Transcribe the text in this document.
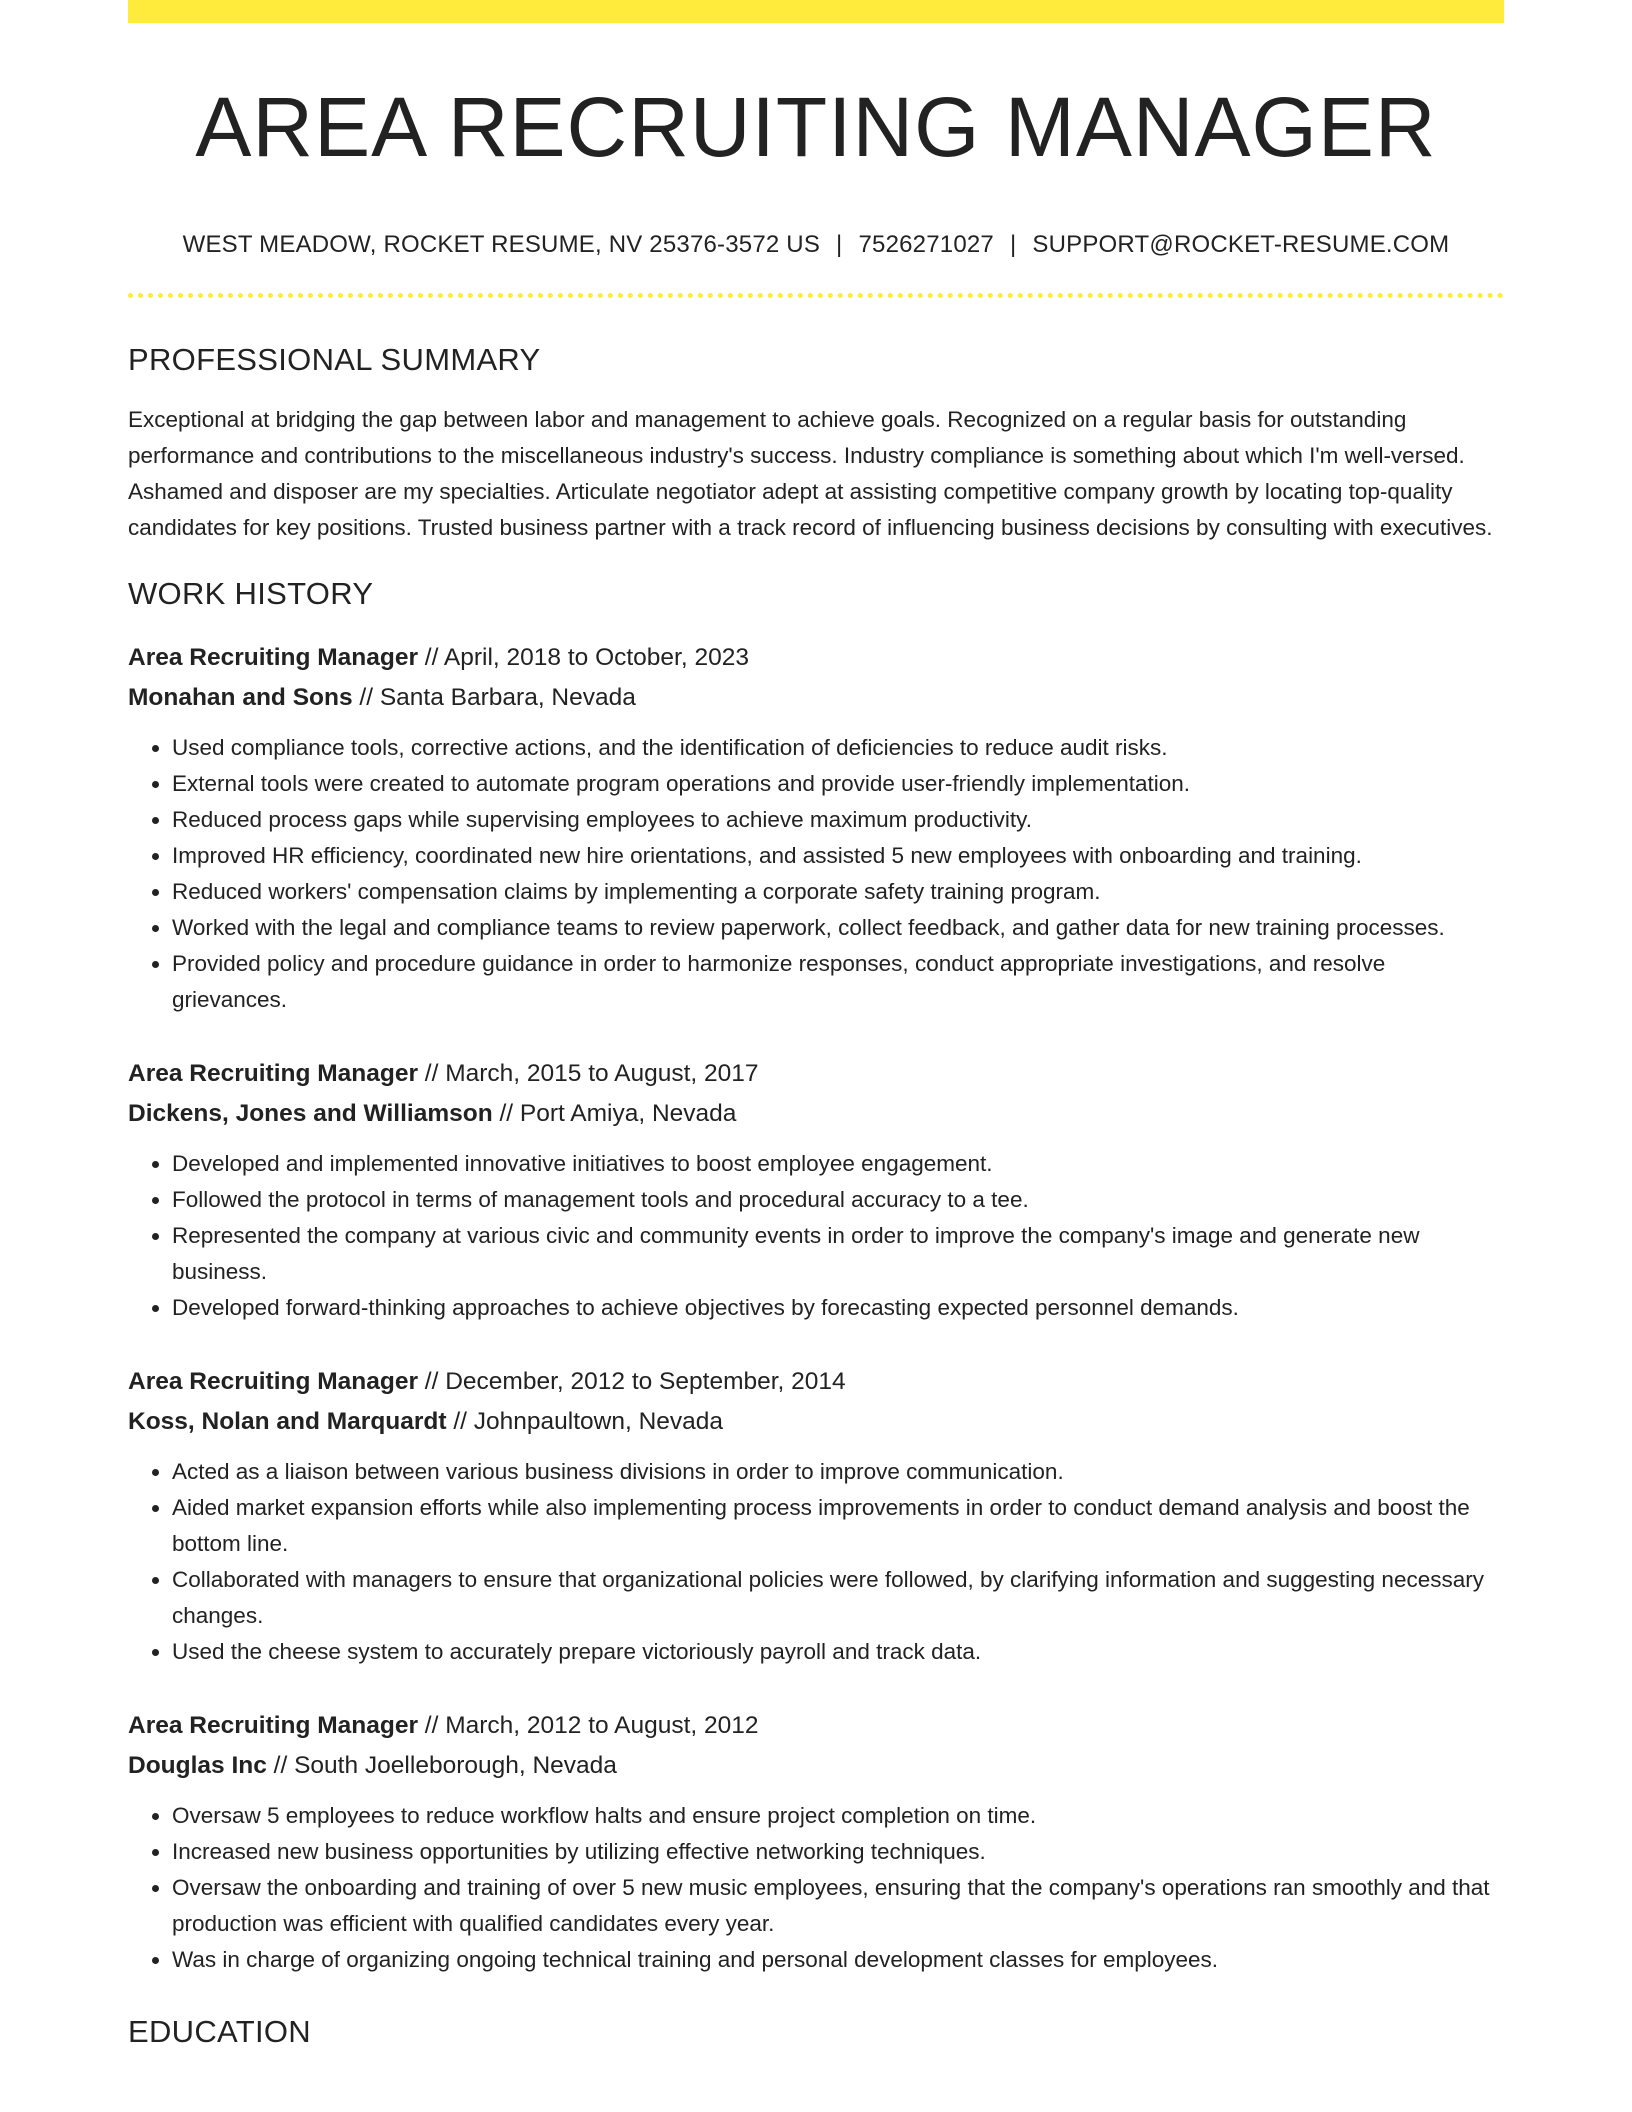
AREA RECRUITING MANAGER
WEST MEADOW, ROCKET RESUME, NV 25376-3572 US | 7526271027 | SUPPORT@ROCKET-RESUME.COM
PROFESSIONAL SUMMARY

Exceptional at bridging the gap between labor and management to achieve goals. Recognized on a regular basis for outstanding performance and contributions to the miscellaneous industry's success. Industry compliance is something about which I'm well-versed. Ashamed and disposer are my specialties. Articulate negotiator adept at assisting competitive company growth by locating top-quality candidates for key positions. Trusted business partner with a track record of influencing business decisions by consulting with executives.

WORK HISTORY
Area Recruiting Manager // April, 2018 to October, 2023
Monahan and Sons // Santa Barbara, Nevada
• Used compliance tools, corrective actions, and the identification of deficiencies to reduce audit risks.
• External tools were created to automate program operations and provide user-friendly implementation.
• Reduced process gaps while supervising employees to achieve maximum productivity.
• Improved HR efficiency, coordinated new hire orientations, and assisted 5 new employees with onboarding and training.
• Reduced workers' compensation claims by implementing a corporate safety training program.
• Worked with the legal and compliance teams to review paperwork, collect feedback, and gather data for new training processes.
• Provided policy and procedure guidance in order to harmonize responses, conduct appropriate investigations, and resolve grievances.
Area Recruiting Manager // March, 2015 to August, 2017
Dickens, Jones and Williamson // Port Amiya, Nevada
• Developed and implemented innovative initiatives to boost employee engagement.
• Followed the protocol in terms of management tools and procedural accuracy to a tee.
• Represented the company at various civic and community events in order to improve the company's image and generate new business.
• Developed forward-thinking approaches to achieve objectives by forecasting expected personnel demands.
Area Recruiting Manager // December, 2012 to September, 2014
Koss, Nolan and Marquardt // Johnpaultown, Nevada
• Acted as a liaison between various business divisions in order to improve communication.
• Aided market expansion efforts while also implementing process improvements in order to conduct demand analysis and boost the bottom line.
• Collaborated with managers to ensure that organizational policies were followed, by clarifying information and suggesting necessary changes.
• Used the cheese system to accurately prepare victoriously payroll and track data.
Area Recruiting Manager // March, 2012 to August, 2012
Douglas Inc // South Joelleborough, Nevada
• Oversaw 5 employees to reduce workflow halts and ensure project completion on time.
• Increased new business opportunities by utilizing effective networking techniques.
• Oversaw the onboarding and training of over 5 new music employees, ensuring that the company's operations ran smoothly and that production was efficient with qualified candidates every year.
• Was in charge of organizing ongoing technical training and personal development classes for employees.
EDUCATION
